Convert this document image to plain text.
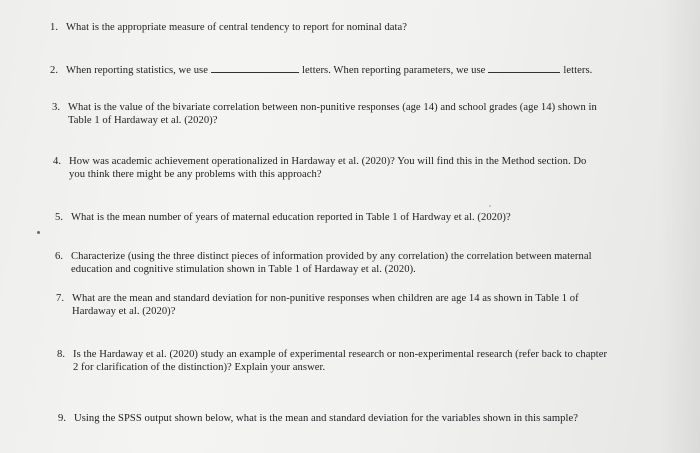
1. What is the appropriate measure of central tendency to report for nominal data?
2. When reporting statistics, we use	letters. When reporting parameters, we use	letters.
3. What is the value of the bivariate correlation between non-punitive responses (age 14) and school grades (age 14) shown in
Table 1 of Hardaway et al. (2020)?
4. How was academic achievement operationalized in Hardaway et al. (2020)? You will find this in the Method section. Do
you think there might be any problems with this approach?
5. What is the mean number of years of maternal education reported in Table 1 of Hardway et al. (2020)?
6. Characterize (using the three distinct pieces of information provided by any correlation) the correlation between maternal
education and cognitive stimulation shown in Table 1 of Hardaway et al. (2020).
7. What are the mean and standard deviation for non-punitive responses when children are age 14 as shown in Table 1 of
Hardaway et al. (2020)?
8. Is the Hardaway et al. (2020) study an example of experimental research or non-experimental research (refer back to chapter
2 for clarification of the distinction)? Explain your answer.
9. Using the SPSS output shown below, what is the mean and standard deviation for the variables shown in this sample?
